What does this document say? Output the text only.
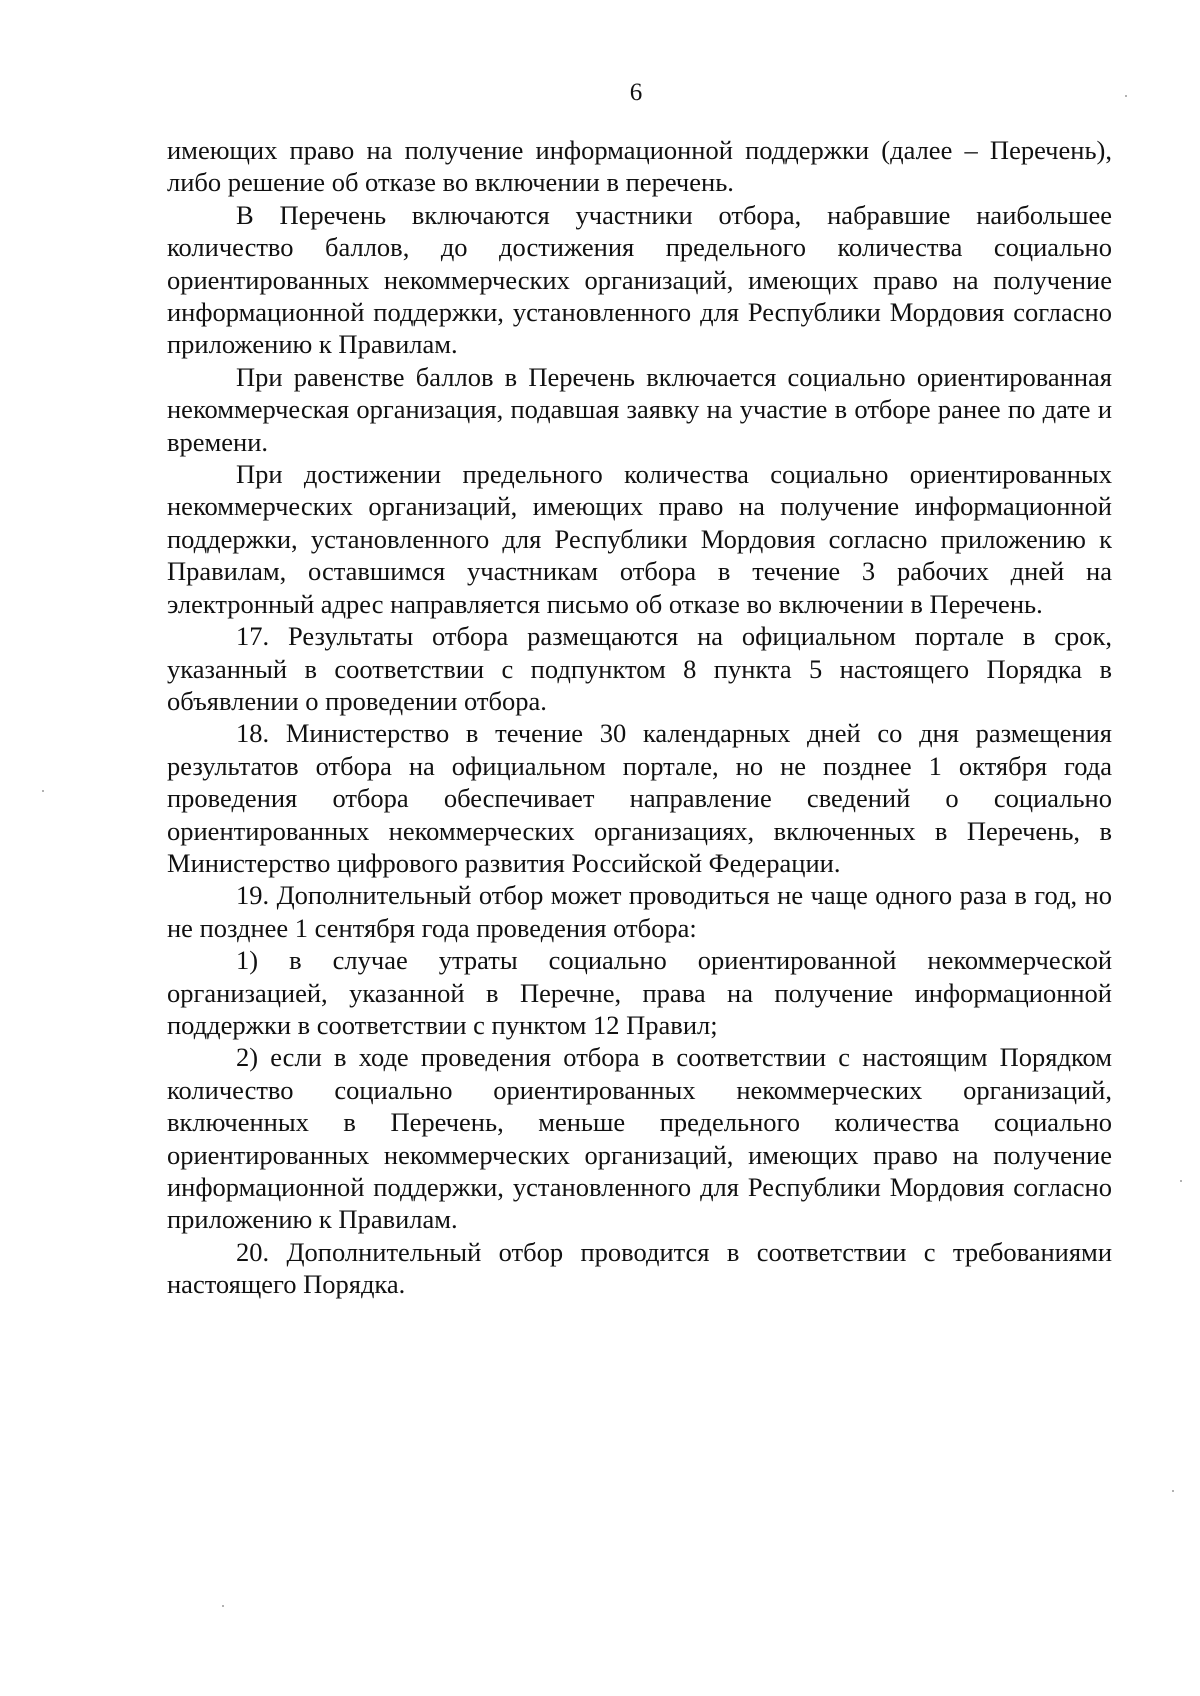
6

имеющих право на получение информационной поддержки (далее – Перечень), либо решение об отказе во включении в перечень.

В Перечень включаются участники отбора, набравшие наибольшее количество баллов, до достижения предельного количества социально ориентированных некоммерческих организаций, имеющих право на получение информационной поддержки, установленного для Республики Мордовия согласно приложению к Правилам.

При равенстве баллов в Перечень включается социально ориентированная некоммерческая организация, подавшая заявку на участие в отборе ранее по дате и времени.

При достижении предельного количества социально ориентированных некоммерческих организаций, имеющих право на получение информационной поддержки, установленного для Республики Мордовия согласно приложению к Правилам, оставшимся участникам отбора в течение 3 рабочих дней на электронный адрес направляется письмо об отказе во включении в Перечень.

17. Результаты отбора размещаются на официальном портале в срок, указанный в соответствии с подпунктом 8 пункта 5 настоящего Порядка в объявлении о проведении отбора.

18. Министерство в течение 30 календарных дней со дня размещения результатов отбора на официальном портале, но не позднее 1 октября года проведения отбора обеспечивает направление сведений о социально ориентированных некоммерческих организациях, включенных в Перечень, в Министерство цифрового развития Российской Федерации.

19. Дополнительный отбор может проводиться не чаще одного раза в год, но не позднее 1 сентября года проведения отбора:

1) в случае утраты социально ориентированной некоммерческой организацией, указанной в Перечне, права на получение информационной поддержки в соответствии с пунктом 12 Правил;

2) если в ходе проведения отбора в соответствии с настоящим Порядком количество социально ориентированных некоммерческих организаций, включенных в Перечень, меньше предельного количества социально ориентированных некоммерческих организаций, имеющих право на получение информационной поддержки, установленного для Республики Мордовия согласно приложению к Правилам.

20. Дополнительный отбор проводится в соответствии с требованиями настоящего Порядка.
